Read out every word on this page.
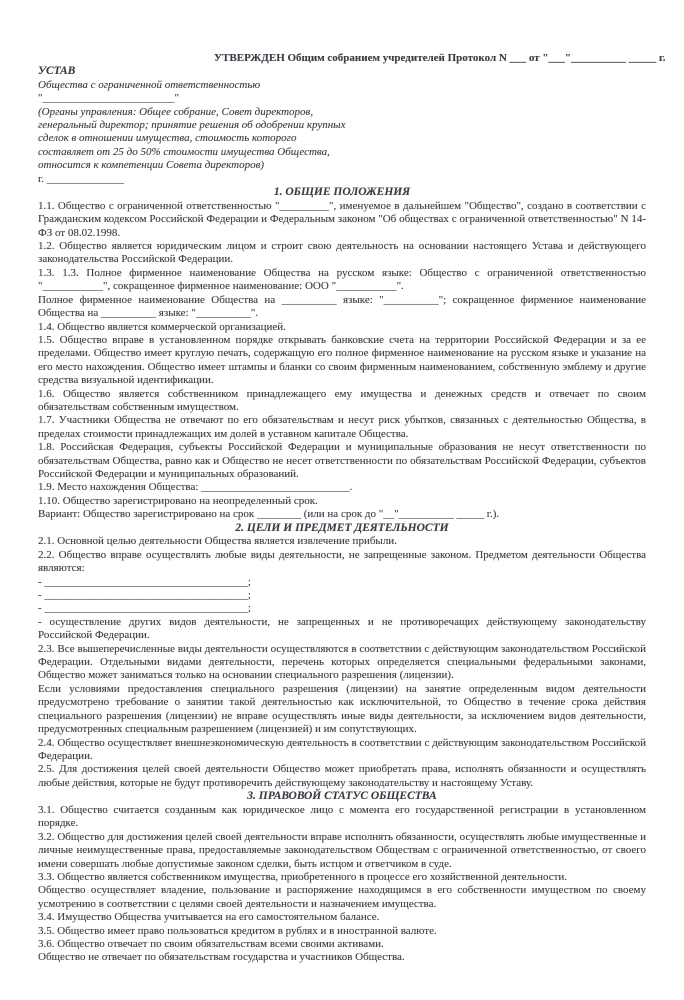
УТВЕРЖДЕН Общим собранием учредителей Протокол N ___ от "___"__________ _____ г.

УСТАВ

Общества с ограниченной ответственностью

"________________________"

(Органы управления: Общее собрание, Совет директоров,

генеральный директор; принятие решения об одобрении крупных

сделок в отношении имущества, стоимость которого

составляет от 25 до 50% стоимости имущества Общества,

относится к компетенции Совета директоров)

г. ______________

1. ОБЩИЕ ПОЛОЖЕНИЯ

1.1. Общество с ограниченной ответственностью "_________", именуемое в дальнейшем "Общество", создано в соответствии с Гражданским кодексом Российской Федерации и Федеральным законом "Об обществах с ограниченной ответственностью" N 14-ФЗ от 08.02.1998.

1.2. Общество является юридическим лицом и строит свою деятельность на основании настоящего Устава и действующего законодательства Российской Федерации.

1.3. 1.3. Полное фирменное наименование Общества на русском языке: Общество с ограниченной ответственностью "___________", сокращенное фирменное наименование: ООО "___________".

Полное фирменное наименование Общества на __________ языке: "__________"; сокращенное фирменное наименование Общества на __________ языке: "__________".

1.4. Общество является коммерческой организацией.

1.5. Общество вправе в установленном порядке открывать банковские счета на территории Российской Федерации и за ее пределами. Общество имеет круглую печать, содержащую его полное фирменное наименование на русском языке и указание на его место нахождения. Общество имеет штампы и бланки со своим фирменным наименованием, собственную эмблему и другие средства визуальной идентификации.

1.6. Общество является собственником принадлежащего ему имущества и денежных средств и отвечает по своим обязательствам собственным имуществом.

1.7. Участники Общества не отвечают по его обязательствам и несут риск убытков, связанных с деятельностью Общества, в пределах стоимости принадлежащих им долей в уставном капитале Общества.

1.8. Российская Федерация, субъекты Российской Федерации и муниципальные образования не несут ответственности по обязательствам Общества, равно как и Общество не несет ответственности по обязательствам Российской Федерации, субъектов Российской Федерации и муниципальных образований.

1.9. Место нахождения Общества: ___________________________.

1.10. Общество зарегистрировано на неопределенный срок.

Вариант: Общество зарегистрировано на срок ________ (или на срок до "__"__________ _____ г.).

2. ЦЕЛИ И ПРЕДМЕТ ДЕЯТЕЛЬНОСТИ

2.1. Основной целью деятельности Общества является извлечение прибыли.

2.2. Общество вправе осуществлять любые виды деятельности, не запрещенные законом. Предметом деятельности Общества являются:

- _____________________________________;

- _____________________________________;

- _____________________________________;

- осуществление других видов деятельности, не запрещенных и не противоречащих действующему законодательству Российской Федерации.

2.3. Все вышеперечисленные виды деятельности осуществляются в соответствии с действующим законодательством Российской Федерации. Отдельными видами деятельности, перечень которых определяется специальными федеральными законами, Общество может заниматься только на основании специального разрешения (лицензии).

Если условиями предоставления специального разрешения (лицензии) на занятие определенным видом деятельности предусмотрено требование о занятии такой деятельностью как исключительной, то Общество в течение срока действия специального разрешения (лицензии) не вправе осуществлять иные виды деятельности, за исключением видов деятельности, предусмотренных специальным разрешением (лицензией) и им сопутствующих.

2.4. Общество осуществляет внешнеэкономическую деятельность в соответствии с действующим законодательством Российской Федерации.

2.5. Для достижения целей своей деятельности Общество может приобретать права, исполнять обязанности и осуществлять любые действия, которые не будут противоречить действующему законодательству и настоящему Уставу.

3. ПРАВОВОЙ СТАТУС ОБЩЕСТВА

3.1. Общество считается созданным как юридическое лицо с момента его государственной регистрации в установленном порядке.

3.2. Общество для достижения целей своей деятельности вправе исполнять обязанности, осуществлять любые имущественные и личные неимущественные права, предоставляемые законодательством Обществам с ограниченной ответственностью, от своего имени совершать любые допустимые законом сделки, быть истцом и ответчиком в суде.

3.3. Общество является собственником имущества, приобретенного в процессе его хозяйственной деятельности.

Общество осуществляет владение, пользование и распоряжение находящимся в его собственности имуществом по своему усмотрению в соответствии с целями своей деятельности и назначением имущества.

3.4. Имущество Общества учитывается на его самостоятельном балансе.

3.5. Общество имеет право пользоваться кредитом в рублях и в иностранной валюте.

3.6. Общество отвечает по своим обязательствам всеми своими активами.

Общество не отвечает по обязательствам государства и участников Общества.
